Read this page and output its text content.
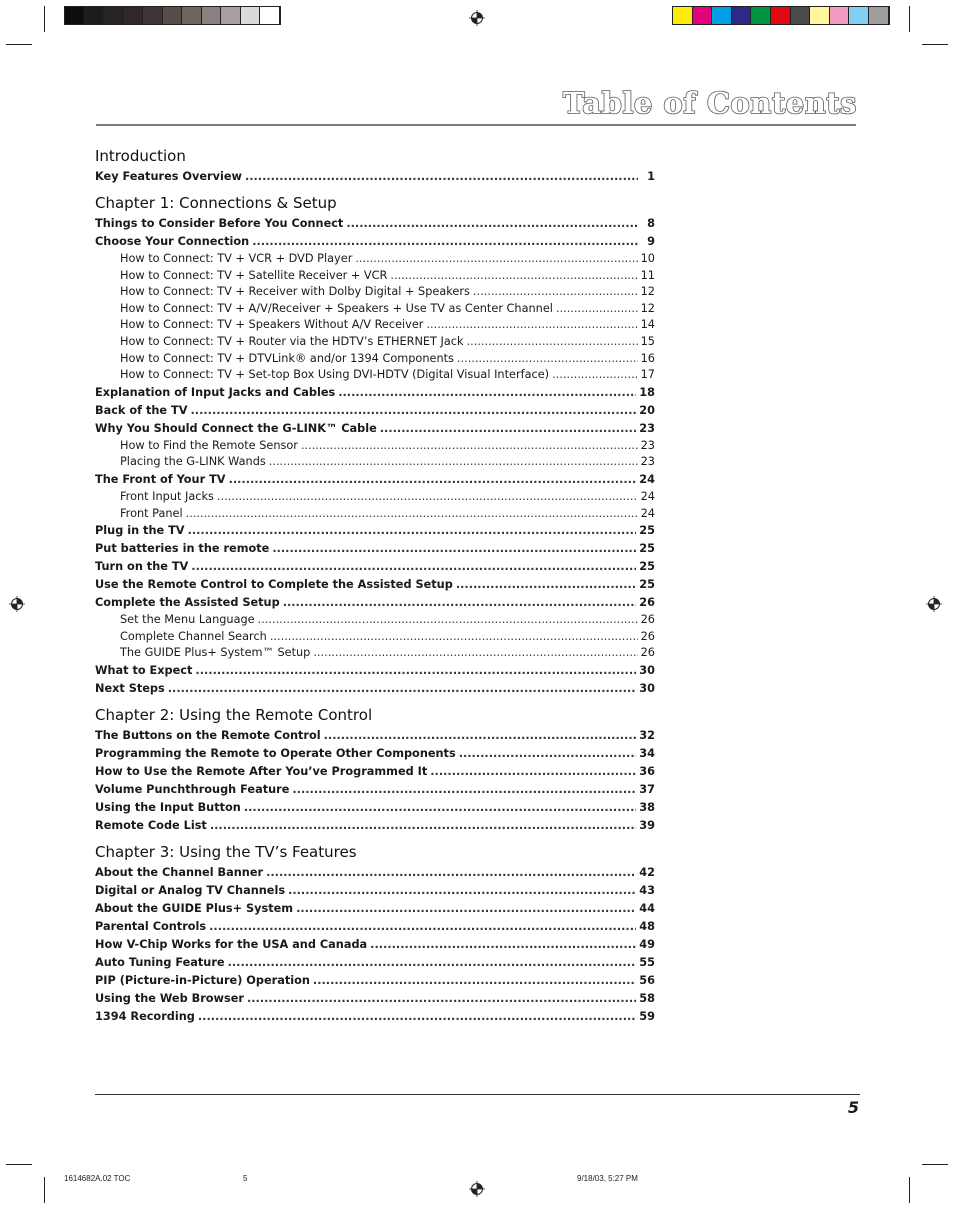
Table of Contents
Introduction
Key Features Overview .....	1
Chapter 1: Connections & Setup
Things to Consider Before You Connect .....	8
Choose Your Connection .....	9
How to Connect: TV + VCR + DVD Player .....	10
How to Connect: TV + Satellite Receiver + VCR .....	11
How to Connect: TV + Receiver with Dolby Digital + Speakers .....	12
How to Connect: TV + A/V/Receiver + Speakers + Use TV as Center Channel .....	12
How to Connect: TV + Speakers Without A/V Receiver .....	14
How to Connect: TV + Router via the HDTV’s ETHERNET Jack .....	15
How to Connect: TV + DTVLink® and/or 1394 Components .....	16
How to Connect: TV + Set-top Box Using DVI-HDTV (Digital Visual Interface) .....	17
Explanation of Input Jacks and Cables .....	18
Back of the TV .....	20
Why You Should Connect the G-LINK™ Cable .....	23
How to Find the Remote Sensor .....	23
Placing the G-LINK Wands .....	23
The Front of Your TV .....	24
Front Input Jacks .....	24
Front Panel .....	24
Plug in the TV .....	25
Put batteries in the remote .....	25
Turn on the TV .....	25
Use the Remote Control to Complete the Assisted Setup .....	25
Complete the Assisted Setup .....	26
Set the Menu Language .....	26
Complete Channel Search .....	26
The GUIDE Plus+ System™ Setup .....	26
What to Expect .....	30
Next Steps .....	30
Chapter 2: Using the Remote Control
The Buttons on the Remote Control .....	32
Programming the Remote to Operate Other Components .....	34
How to Use the Remote After You’ve Programmed It .....	36
Volume Punchthrough Feature .....	37
Using the Input Button .....	38
Remote Code List .....	39
Chapter 3: Using the TV’s Features
About the Channel Banner .....	42
Digital or Analog TV Channels .....	43
About the GUIDE Plus+ System .....	44
Parental Controls .....	48
How V-Chip Works for the USA and Canada .....	49
Auto Tuning Feature .....	55
PIP (Picture-in-Picture) Operation .....	56
Using the Web Browser .....	58
1394 Recording .....	59
5
1614682A.02 TOC	5	9/18/03, 5:27 PM
